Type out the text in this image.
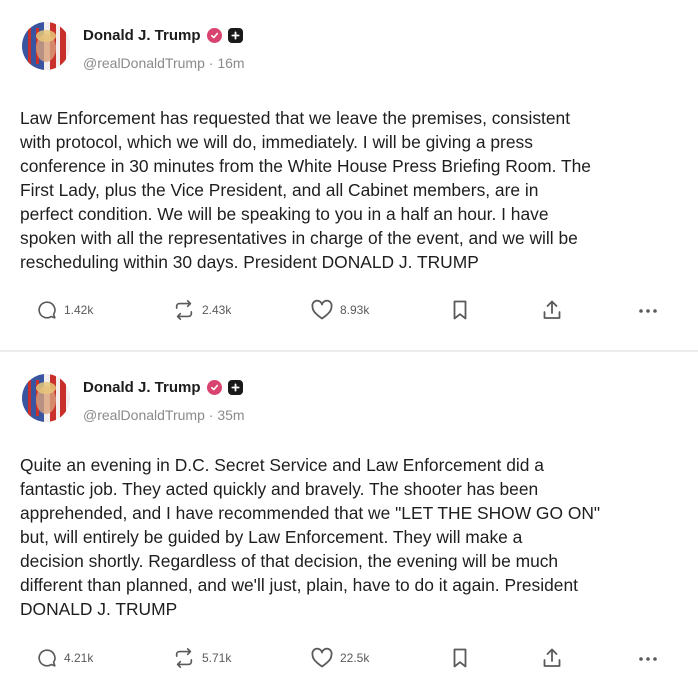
Donald J. Trump
@realDonaldTrump · 16m
Law Enforcement has requested that we leave the premises, consistent
with protocol, which we will do, immediately. I will be giving a press
conference in 30 minutes from the White House Press Briefing Room. The
First Lady, plus the Vice President, and all Cabinet members, are in
perfect condition. We will be speaking to you in a half an hour. I have
spoken with all the representatives in charge of the event, and we will be
rescheduling within 30 days. President DONALD J. TRUMP
1.42k	2.43k	8.93k
Donald J. Trump
@realDonaldTrump · 35m
Quite an evening in D.C. Secret Service and Law Enforcement did a
fantastic job. They acted quickly and bravely. The shooter has been
apprehended, and I have recommended that we "LET THE SHOW GO ON"
but, will entirely be guided by Law Enforcement. They will make a
decision shortly. Regardless of that decision, the evening will be much
different than planned, and we'll just, plain, have to do it again. President
DONALD J. TRUMP
4.21k	5.71k	22.5k
